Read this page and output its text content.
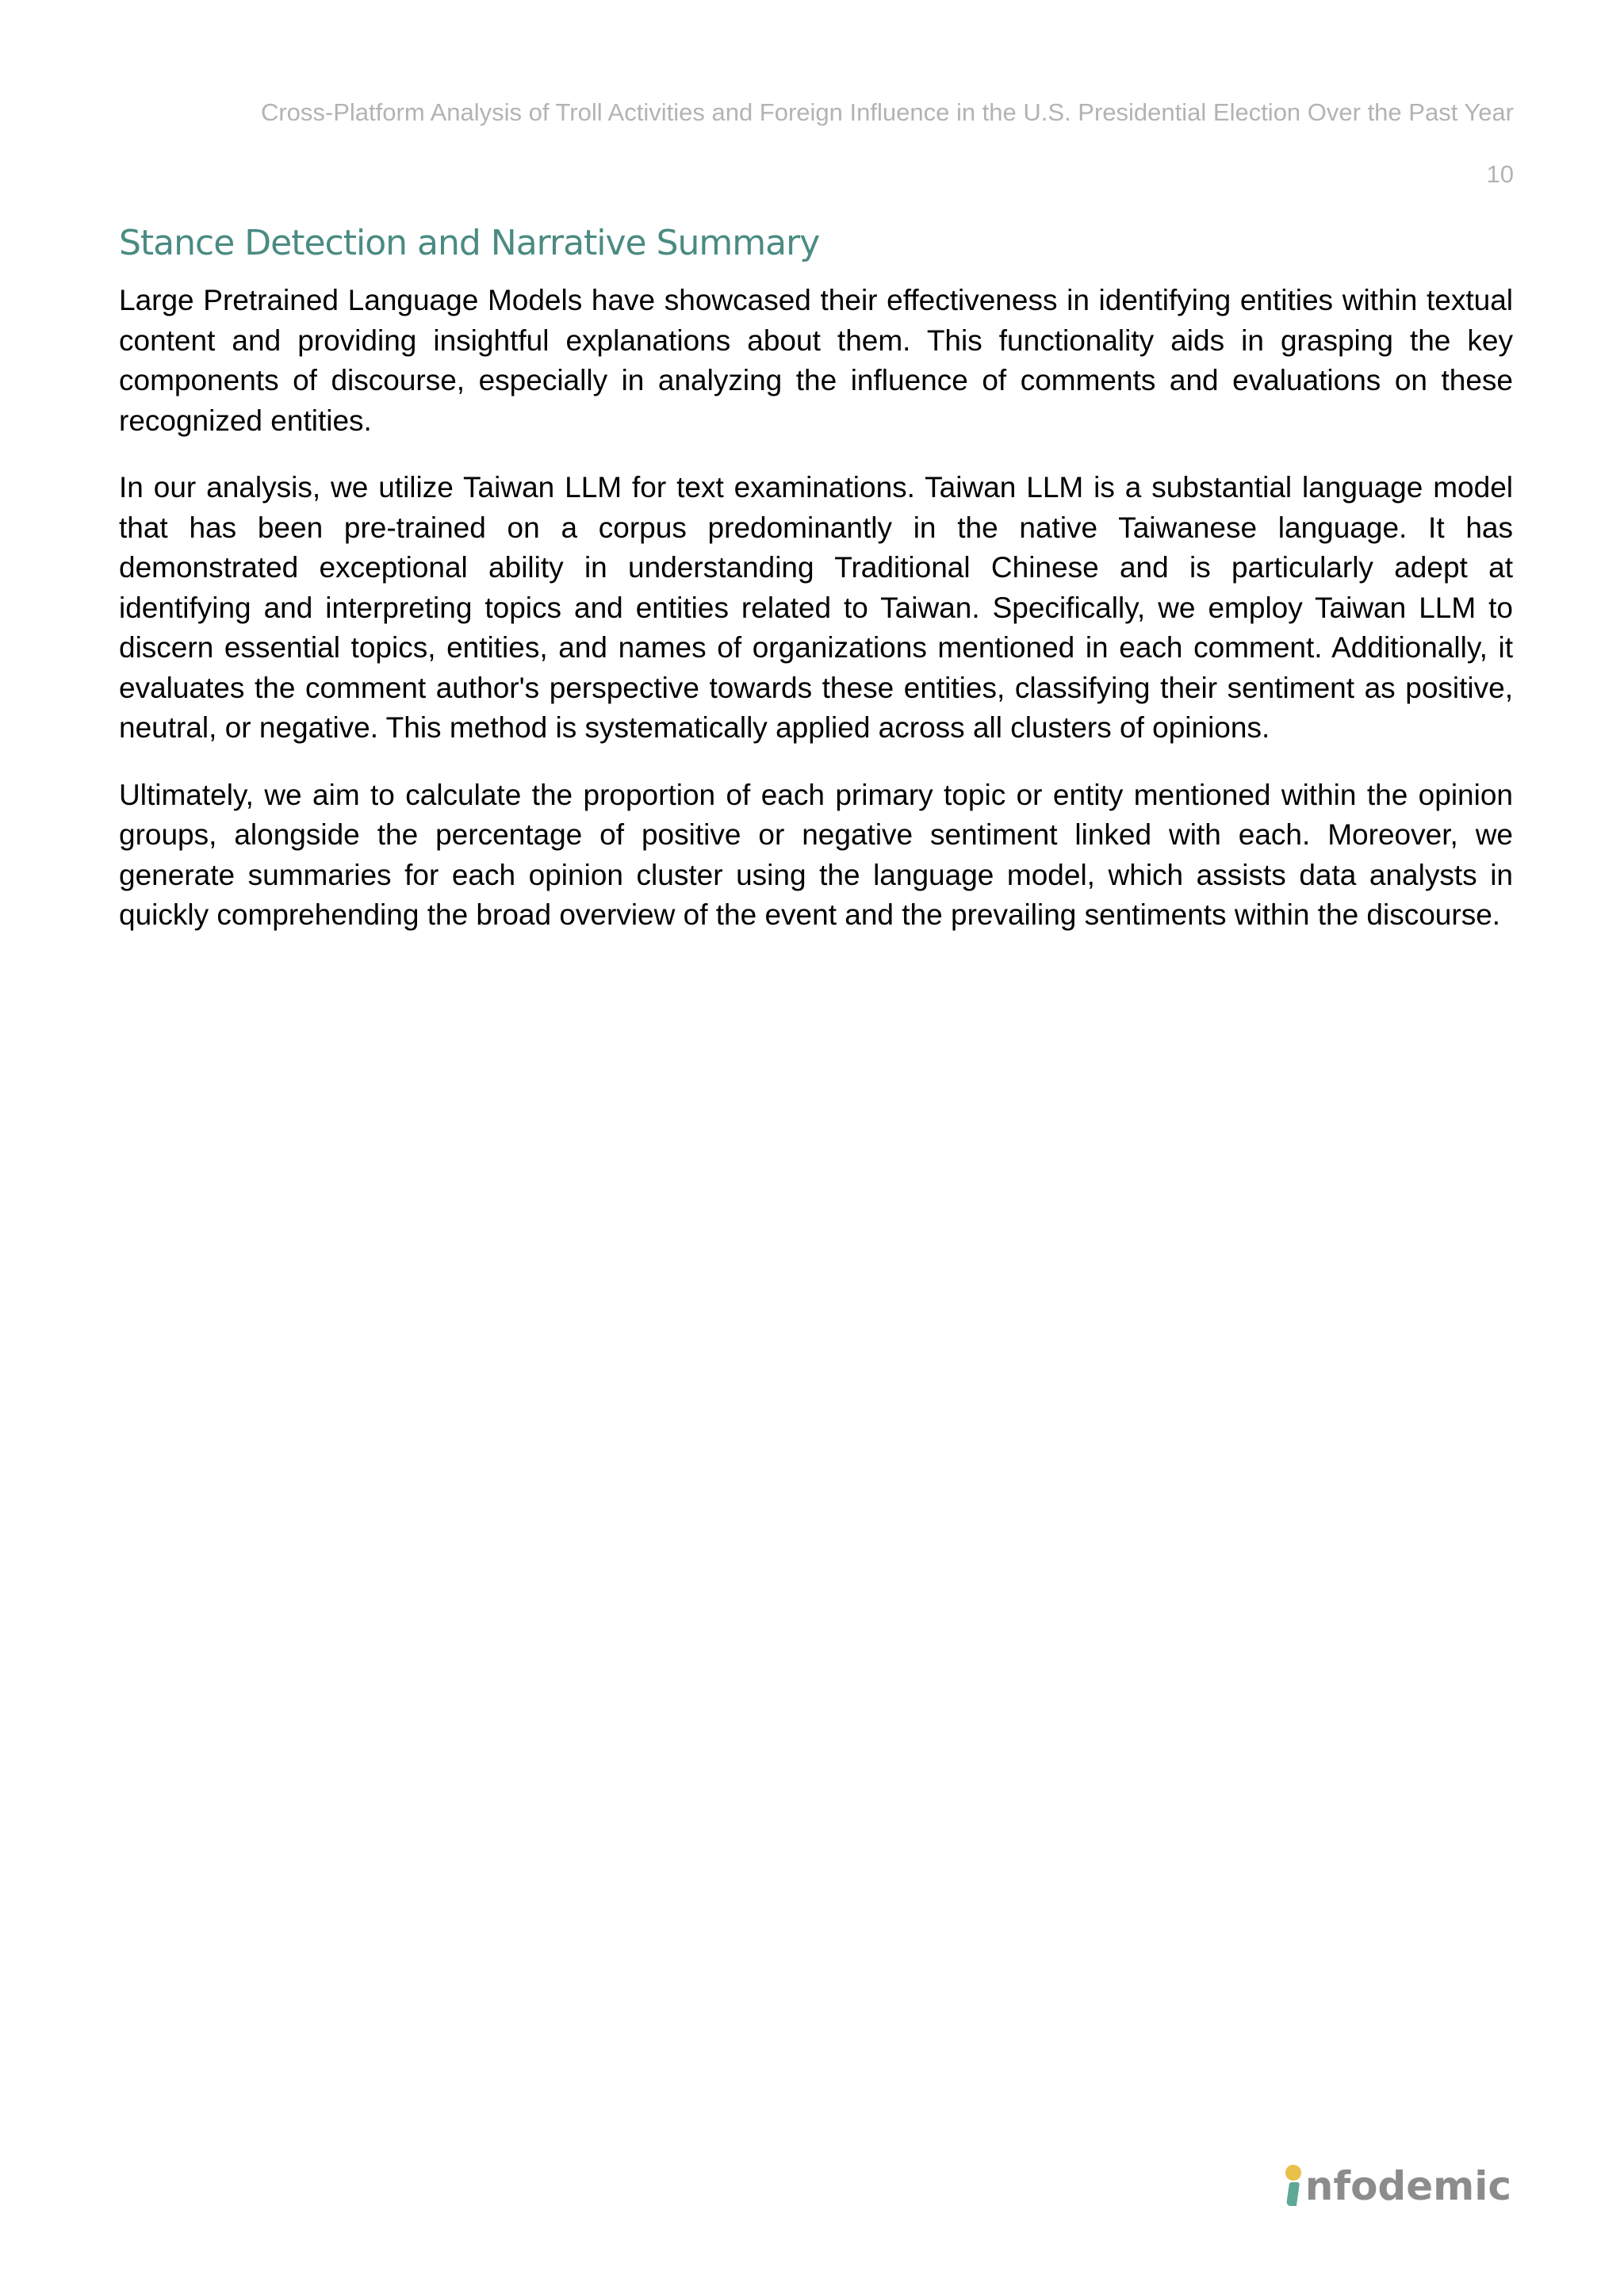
Cross-Platform Analysis of Troll Activities and Foreign Influence in the U.S. Presidential Election Over the Past Year
10
Stance Detection and Narrative Summary

Large Pretrained Language Models have showcased their effectiveness in identifying entities within textual content and providing insightful explanations about them. This functionality aids in grasping the key components of discourse, especially in analyzing the influence of comments and evaluations on these recognized entities.

In our analysis, we utilize Taiwan LLM for text examinations. Taiwan LLM is a substantial language model that has been pre-trained on a corpus predominantly in the native Taiwanese language. It has demonstrated exceptional ability in understanding Traditional Chinese and is particularly adept at identifying and interpreting topics and entities related to Taiwan. Specifically, we employ Taiwan LLM to discern essential topics, entities, and names of organizations mentioned in each comment. Additionally, it evaluates the comment author's perspective towards these entities, classifying their sentiment as positive, neutral, or negative. This method is systematically applied across all clusters of opinions.

Ultimately, we aim to calculate the proportion of each primary topic or entity mentioned within the opinion groups, alongside the percentage of positive or negative sentiment linked with each. Moreover, we generate summaries for each opinion cluster using the language model, which assists data analysts in quickly comprehending the broad overview of the event and the prevailing sentiments within the discourse.

nfodemic
